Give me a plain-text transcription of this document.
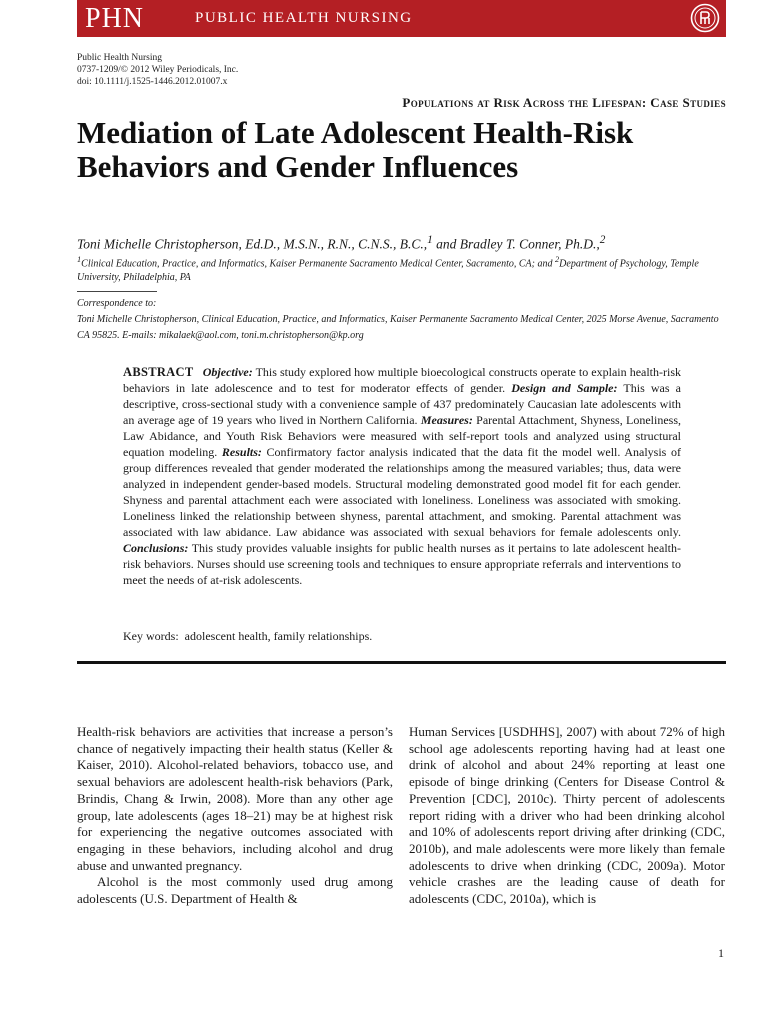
PHN	PUBLIC HEALTH NURSING
Public Health Nursing
0737-1209/© 2012 Wiley Periodicals, Inc.
doi: 10.1111/j.1525-1446.2012.01007.x
Populations at Risk Across the Lifespan: Case Studies
Mediation of Late Adolescent Health-Risk Behaviors and Gender Influences
Toni Michelle Christopherson, Ed.D., M.S.N., R.N., C.N.S., B.C.,$^1$ and Bradley T. Conner, Ph.D.,$^2$
$^1$Clinical Education, Practice, and Informatics, Kaiser Permanente Sacramento Medical Center, Sacramento, CA; and $^2$Department of Psychology, Temple University, Philadelphia, PA
Correspondence to:
Toni Michelle Christopherson, Clinical Education, Practice, and Informatics, Kaiser Permanente Sacramento Medical Center, 2025 Morse Avenue, Sacramento CA 95825. E-mails: mikalaek@aol.com, toni.m.christopherson@kp.org
ABSTRACT Objective: This study explored how multiple bioecological constructs operate to explain health-risk behaviors in late adolescence and to test for moderator effects of gender. Design and Sample: This was a descriptive, cross-sectional study with a convenience sample of 437 predominately Caucasian late adolescents with an average age of 19 years who lived in Northern California. Measures: Parental Attachment, Shyness, Loneliness, Law Abidance, and Youth Risk Behaviors were measured with self-report tools and analyzed using structural equation modeling. Results: Confirmatory factor analysis indicated that the data fit the model well. Analysis of group differences revealed that gender moderated the relationships among the measured variables; thus, data were analyzed in independent gender-based models. Structural modeling demonstrated good model fit for each gender. Shyness and parental attachment each were associated with loneliness. Loneliness was associated with smoking. Loneliness linked the relationship between shyness, parental attachment, and smoking. Parental attachment was associated with law abidance. Law abidance was associated with sexual behaviors for female adolescents only. Conclusions: This study provides valuable insights for public health nurses as it pertains to late adolescent health-risk behaviors. Nurses should use screening tools and techniques to ensure appropriate referrals and interventions to meet the needs of at-risk adolescents.
Key words: adolescent health, family relationships.

Health-risk behaviors are activities that increase a person’s chance of negatively impacting their health status (Keller & Kaiser, 2010). Alcohol-related behaviors, tobacco use, and sexual behaviors are adolescent health-risk behaviors (Park, Brindis, Chang & Irwin, 2008). More than any other age group, late adolescents (ages 18–21) may be at highest risk for experiencing the negative outcomes associated with engaging in these behaviors, including alcohol and drug abuse and unwanted pregnancy.

Alcohol is the most commonly used drug among adolescents (U.S. Department of Health &

Human Services [USDHHS], 2007) with about 72% of high school age adolescents reporting having had at least one drink of alcohol and about 24% reporting at least one episode of binge drinking (Centers for Disease Control & Prevention [CDC], 2010c). Thirty percent of adolescents report riding with a driver who had been drinking alcohol and 10% of adolescents report driving after drinking (CDC, 2010b), and male adolescents were more likely than female adolescents to drive when drinking (CDC, 2009a). Motor vehicle crashes are the leading cause of death for adolescents (CDC, 2010a), which is

1
